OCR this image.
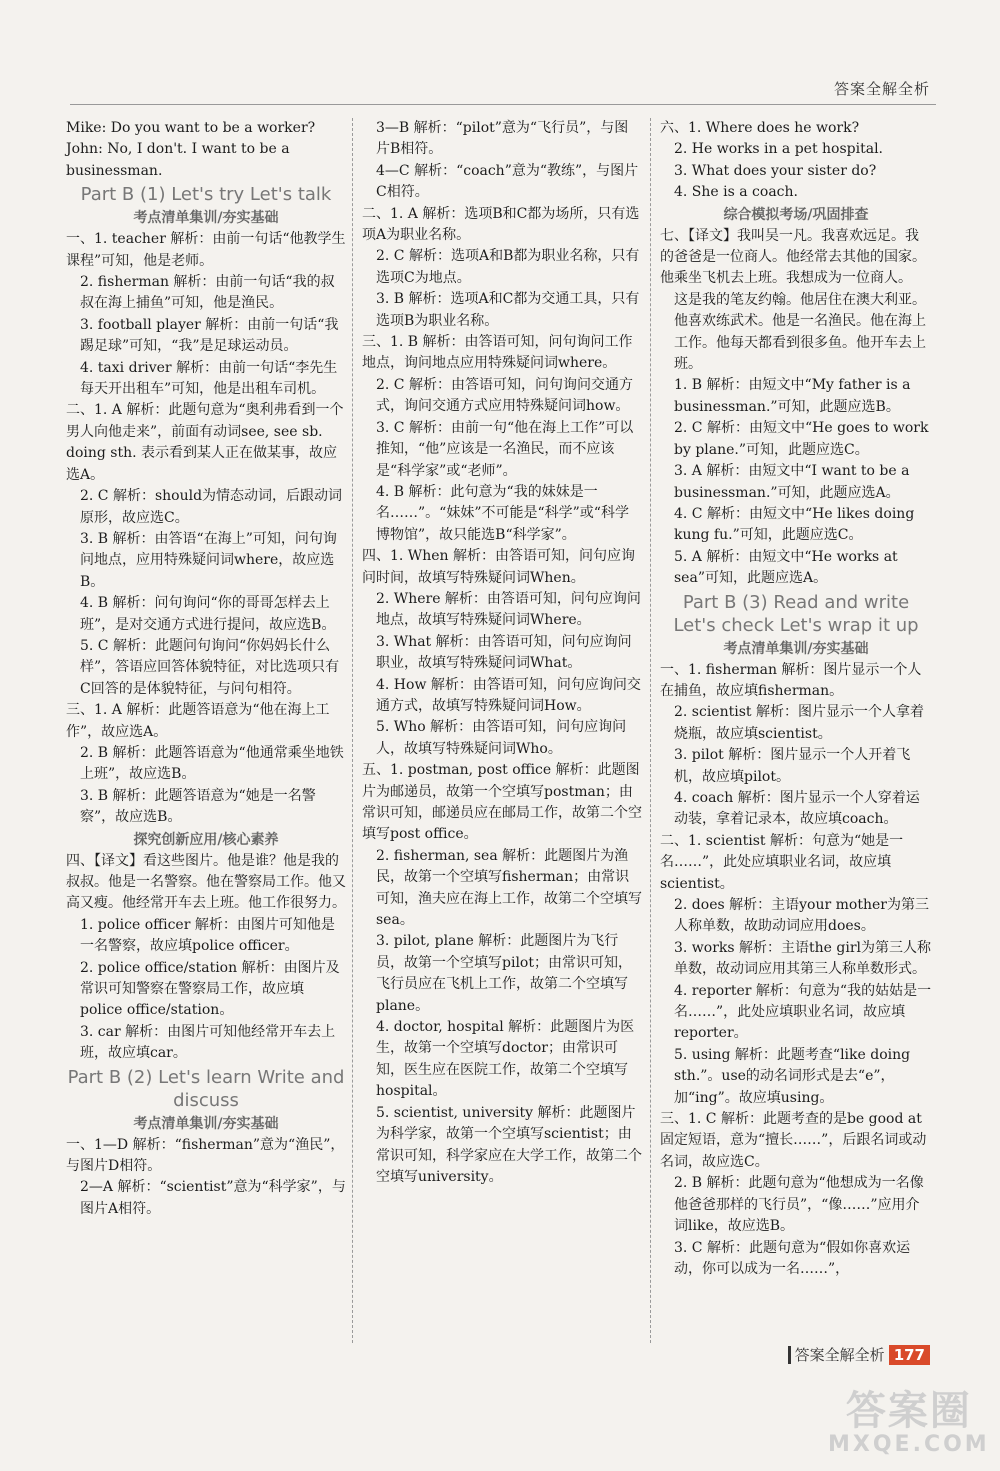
答案全解全析
Mike: Do you want to be a worker?
John: No, I don't. I want to be a businessman.
Part B (1) Let's try Let's talk
考点清单集训/夯实基础
一、1. teacher 解析：由前一句话“他教学生课程”可知，他是老师。
2. fisherman 解析：由前一句话“我的叔叔在海上捕鱼”可知，他是渔民。
3. football player 解析：由前一句话“我踢足球”可知，“我”是足球运动员。
4. taxi driver 解析：由前一句话“李先生每天开出租车”可知，他是出租车司机。
二、1. A 解析：此题句意为“奥利弗看到一个男人向他走来”，前面有动词see, see sb. doing sth. 表示看到某人正在做某事，故应选A。
2. C 解析：should为情态动词，后跟动词原形，故应选C。
3. B 解析：由答语“在海上”可知，问句询问地点，应用特殊疑问词where，故应选B。
4. B 解析：问句询问“你的哥哥怎样去上班”，是对交通方式进行提问，故应选B。
5. C 解析：此题问句询问“你妈妈长什么样”，答语应回答体貌特征，对比选项只有C回答的是体貌特征，与问句相符。
三、1. A 解析：此题答语意为“他在海上工作”，故应选A。
2. B 解析：此题答语意为“他通常乘坐地铁上班”，故应选B。
3. B 解析：此题答语意为“她是一名警察”，故应选B。
探究创新应用/核心素养
四、【译文】看这些图片。他是谁？他是我的叔叔。他是一名警察。他在警察局工作。他又高又瘦。他经常开车去上班。他工作很努力。
1. police officer 解析：由图片可知他是一名警察，故应填police officer。
2. police office/station 解析：由图片及常识可知警察在警察局工作，故应填police office/station。
3. car 解析：由图片可知他经常开车去上班，故应填car。
Part B (2) Let's learn Write and discuss
考点清单集训/夯实基础
一、1—D 解析：“fisherman”意为“渔民”，与图片D相符。
2—A 解析：“scientist”意为“科学家”，与图片A相符。
3—B 解析：“pilot”意为“飞行员”，与图片B相符。
4—C 解析：“coach”意为“教练”，与图片C相符。
二、1. A 解析：选项B和C都为场所，只有选项A为职业名称。
2. C 解析：选项A和B都为职业名称，只有选项C为地点。
3. B 解析：选项A和C都为交通工具，只有选项B为职业名称。
三、1. B 解析：由答语可知，问句询问工作地点，询问地点应用特殊疑问词where。
2. C 解析：由答语可知，问句询问交通方式，询问交通方式应用特殊疑问词how。
3. C 解析：由前一句“他在海上工作”可以推知，“他”应该是一名渔民，而不应该是“科学家”或“老师”。
4. B 解析：此句意为“我的妹妹是一名……”。“妹妹”不可能是“科学”或“科学博物馆”，故只能选B“科学家”。
四、1. When 解析：由答语可知，问句应询问时间，故填写特殊疑问词When。
2. Where 解析：由答语可知，问句应询问地点，故填写特殊疑问词Where。
3. What 解析：由答语可知，问句应询问职业，故填写特殊疑问词What。
4. How 解析：由答语可知，问句应询问交通方式，故填写特殊疑问词How。
5. Who 解析：由答语可知，问句应询问人，故填写特殊疑问词Who。
五、1. postman, post office 解析：此题图片为邮递员，故第一个空填写postman；由常识可知，邮递员应在邮局工作，故第二个空填写post office。
2. fisherman, sea 解析：此题图片为渔民，故第一个空填写fisherman；由常识可知，渔夫应在海上工作，故第二个空填写sea。
3. pilot, plane 解析：此题图片为飞行员，故第一个空填写pilot；由常识可知，飞行员应在飞机上工作，故第二个空填写plane。
4. doctor, hospital 解析：此题图片为医生，故第一个空填写doctor；由常识可知，医生应在医院工作，故第二个空填写hospital。
5. scientist, university 解析：此题图片为科学家，故第一个空填写scientist；由常识可知，科学家应在大学工作，故第二个空填写university。
六、1. Where does he work?
2. He works in a pet hospital.
3. What does your sister do?
4. She is a coach.
综合模拟考场/巩固排查
七、【译文】我叫吴一凡。我喜欢远足。我的爸爸是一位商人。他经常去其他的国家。他乘坐飞机去上班。我想成为一位商人。
这是我的笔友约翰。他居住在澳大利亚。他喜欢练武术。他是一名渔民。他在海上工作。他每天都看到很多鱼。他开车去上班。
1. B 解析：由短文中“My father is a businessman.”可知，此题应选B。
2. C 解析：由短文中“He goes to work by plane.”可知，此题应选C。
3. A 解析：由短文中“I want to be a businessman.”可知，此题应选A。
4. C 解析：由短文中“He likes doing kung fu.”可知，此题应选C。
5. A 解析：由短文中“He works at sea”可知，此题应选A。
Part B (3) Read and write Let's check Let's wrap it up
考点清单集训/夯实基础
一、1. fisherman 解析：图片显示一个人在捕鱼，故应填fisherman。
2. scientist 解析：图片显示一个人拿着烧瓶，故应填scientist。
3. pilot 解析：图片显示一个人开着飞机，故应填pilot。
4. coach 解析：图片显示一个人穿着运动装，拿着记录本，故应填coach。
二、1. scientist 解析：句意为“她是一名……”，此处应填职业名词，故应填scientist。
2. does 解析：主语your mother为第三人称单数，故助动词应用does。
3. works 解析：主语the girl为第三人称单数，故动词应用其第三人称单数形式。
4. reporter 解析：句意为“我的姑姑是一名……”，此处应填职业名词，故应填reporter。
5. using 解析：此题考查“like doing sth.”。use的动名词形式是去“e”，加“ing”。故应填using。
三、1. C 解析：此题考查的是be good at固定短语，意为“擅长……”，后跟名词或动名词，故应选C。
2. B 解析：此题句意为“他想成为一名像他爸爸那样的飞行员”，“像……”应用介词like，故应选B。
3. C 解析：此题句意为“假如你喜欢运动，你可以成为一名……”，
答案全解全析 177
答案圈
MXQE.COM
